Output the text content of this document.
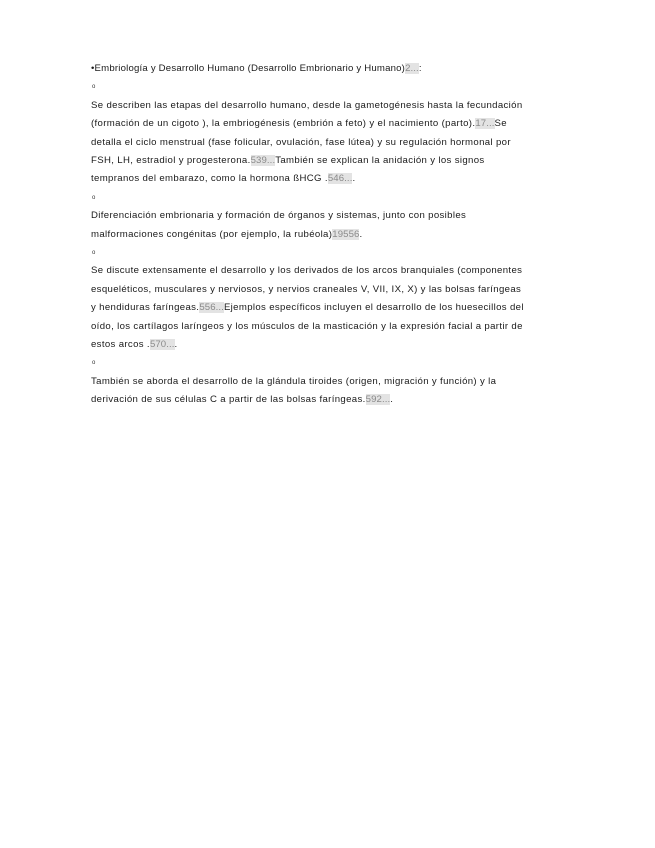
•Embriología y Desarrollo Humano (Desarrollo Embrionario y Humano)2...:
o
Se describen las etapas del desarrollo humano, desde la gametogénesis hasta la fecundación
(formación de un cigoto ), la embriogénesis (embrión a feto) y el nacimiento (parto).17...Se
detalla el ciclo menstrual (fase folicular, ovulación, fase lútea) y su regulación hormonal por
FSH, LH, estradiol y progesterona.539...También se explican la anidación y los signos
tempranos del embarazo, como la hormona ßHCG .546....
o
Diferenciación embrionaria y formación de órganos y sistemas, junto con posibles
malformaciones congénitas (por ejemplo, la rubéola)19556.
o
Se discute extensamente el desarrollo y los derivados de los arcos branquiales (componentes
esqueléticos, musculares y nerviosos, y nervios craneales V, VII, IX, X) y las bolsas faríngeas
y hendiduras faríngeas.556...Ejemplos específicos incluyen el desarrollo de los huesecillos del
oído, los cartílagos laríngeos y los músculos de la masticación y la expresión facial a partir de
estos arcos .570....
o
También se aborda el desarrollo de la glándula tiroides (origen, migración y función) y la
derivación de sus células C a partir de las bolsas faríngeas.592....
